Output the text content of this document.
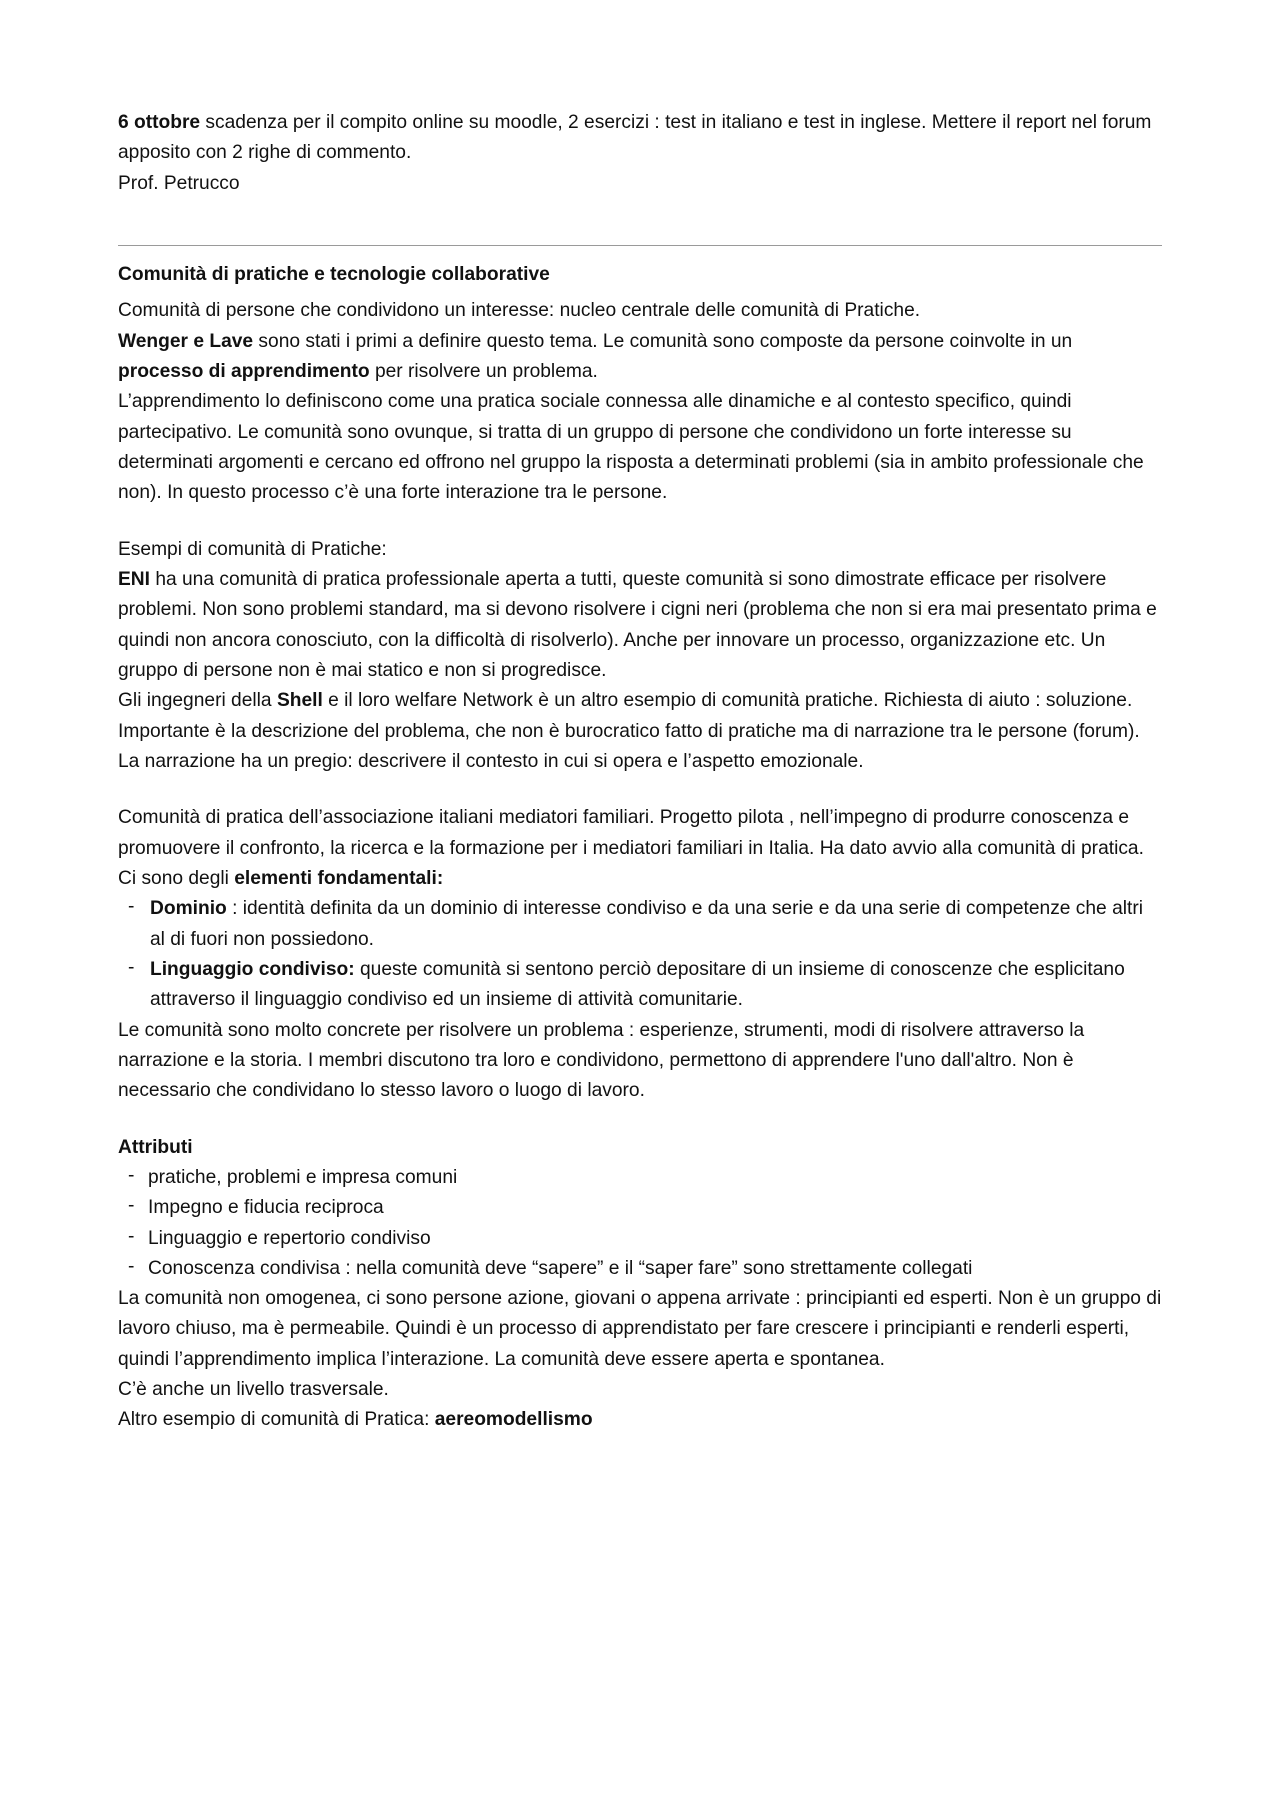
6 ottobre scadenza per il compito online su moodle, 2 esercizi : test in italiano e test in inglese. Mettere il report nel forum apposito con 2 righe di commento.

Prof. Petrucco

Comunità di pratiche e tecnologie collaborative

Comunità di persone che condividono un interesse: nucleo centrale delle comunità di Pratiche.

Wenger e Lave sono stati i primi a definire questo tema. Le comunità sono composte da persone coinvolte in un processo di apprendimento per risolvere un problema.

L’apprendimento lo definiscono come una pratica sociale connessa alle dinamiche e al contesto specifico, quindi partecipativo. Le comunità sono ovunque, si tratta di un gruppo di persone che condividono un forte interesse su determinati argomenti e cercano ed offrono nel gruppo la risposta a determinati problemi (sia in ambito professionale che non). In questo processo c’è una forte interazione tra le persone.

Esempi di comunità di Pratiche:

ENI ha una comunità di pratica professionale aperta a tutti, queste comunità si sono dimostrate efficace per risolvere problemi. Non sono problemi standard, ma si devono risolvere i cigni neri (problema che non si era mai presentato prima e quindi non ancora conosciuto, con la difficoltà di risolverlo). Anche per innovare un processo, organizzazione etc. Un gruppo di persone non è mai statico e non si progredisce.

Gli ingegneri della Shell e il loro welfare Network è un altro esempio di comunità pratiche. Richiesta di aiuto : soluzione. Importante è la descrizione del problema, che non è burocratico fatto di pratiche ma di narrazione tra le persone (forum). La narrazione ha un pregio: descrivere il contesto in cui si opera e l’aspetto emozionale.

Comunità di pratica dell’associazione italiani mediatori familiari. Progetto pilota , nell’impegno di produrre conoscenza e promuovere il confronto, la ricerca e la formazione per i mediatori familiari in Italia. Ha dato avvio alla comunità di pratica.

Ci sono degli elementi fondamentali:

- Dominio : identità definita da un dominio di interesse condiviso e da una serie e da una serie di competenze che altri al di fuori non possiedono.
- Linguaggio condiviso: queste comunità si sentono perciò depositare di un insieme di conoscenze che esplicitano attraverso il linguaggio condiviso ed un insieme di attività comunitarie.

Le comunità sono molto concrete per risolvere un problema : esperienze, strumenti, modi di risolvere attraverso la narrazione e la storia. I membri discutono tra loro e condividono, permettono di apprendere l'uno dall'altro. Non è necessario che condividano lo stesso lavoro o luogo di lavoro.

Attributi

- pratiche, problemi e impresa comuni
- Impegno e fiducia reciproca
- Linguaggio e repertorio condiviso
- Conoscenza condivisa : nella comunità deve “sapere” e il “saper fare” sono strettamente collegati

La comunità non omogenea, ci sono persone azione, giovani o appena arrivate : principianti ed esperti. Non è un gruppo di lavoro chiuso, ma è permeabile. Quindi è un processo di apprendistato per fare crescere i principianti e renderli esperti, quindi l’apprendimento implica l’interazione. La comunità deve essere aperta e spontanea.

C’è anche un livello trasversale.

Altro esempio di comunità di Pratica: aereomodellismo
